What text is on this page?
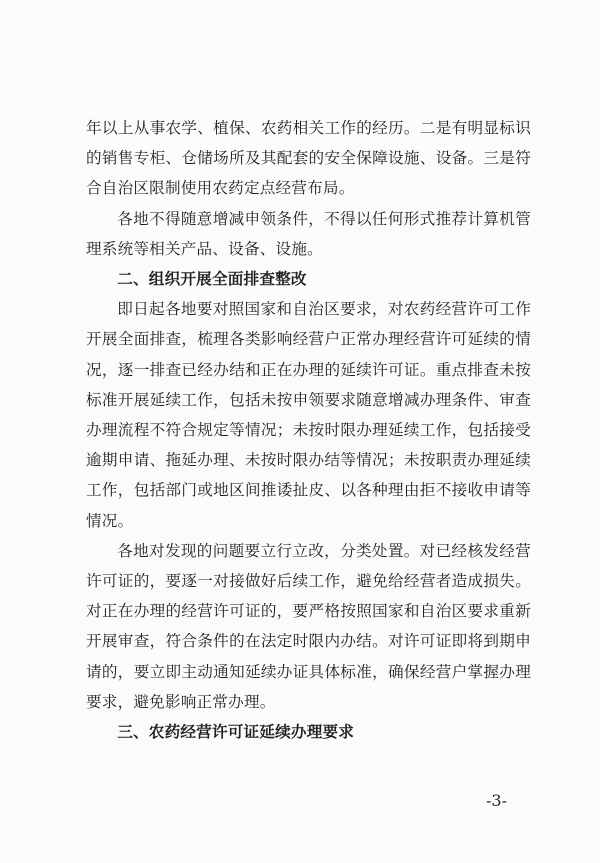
年以上从事农学、植保、农药相关工作的经历。二是有明显标识的销售专柜、仓储场所及其配套的安全保障设施、设备。三是符合自治区限制使用农药定点经营布局。

各地不得随意增减申领条件，不得以任何形式推荐计算机管理系统等相关产品、设备、设施。

二、组织开展全面排查整改

即日起各地要对照国家和自治区要求，对农药经营许可工作开展全面排查，梳理各类影响经营户正常办理经营许可延续的情况，逐一排查已经办结和正在办理的延续许可证。重点排查未按标准开展延续工作，包括未按申领要求随意增减办理条件、审查办理流程不符合规定等情况；未按时限办理延续工作，包括接受逾期申请、拖延办理、未按时限办结等情况；未按职责办理延续工作，包括部门或地区间推诿扯皮、以各种理由拒不接收申请等情况。

各地对发现的问题要立行立改，分类处置。对已经核发经营许可证的，要逐一对接做好后续工作，避免给经营者造成损失。对正在办理的经营许可证的，要严格按照国家和自治区要求重新开展审查，符合条件的在法定时限内办结。对许可证即将到期申请的，要立即主动通知延续办证具体标准，确保经营户掌握办理要求，避免影响正常办理。

三、农药经营许可证延续办理要求

-3-
